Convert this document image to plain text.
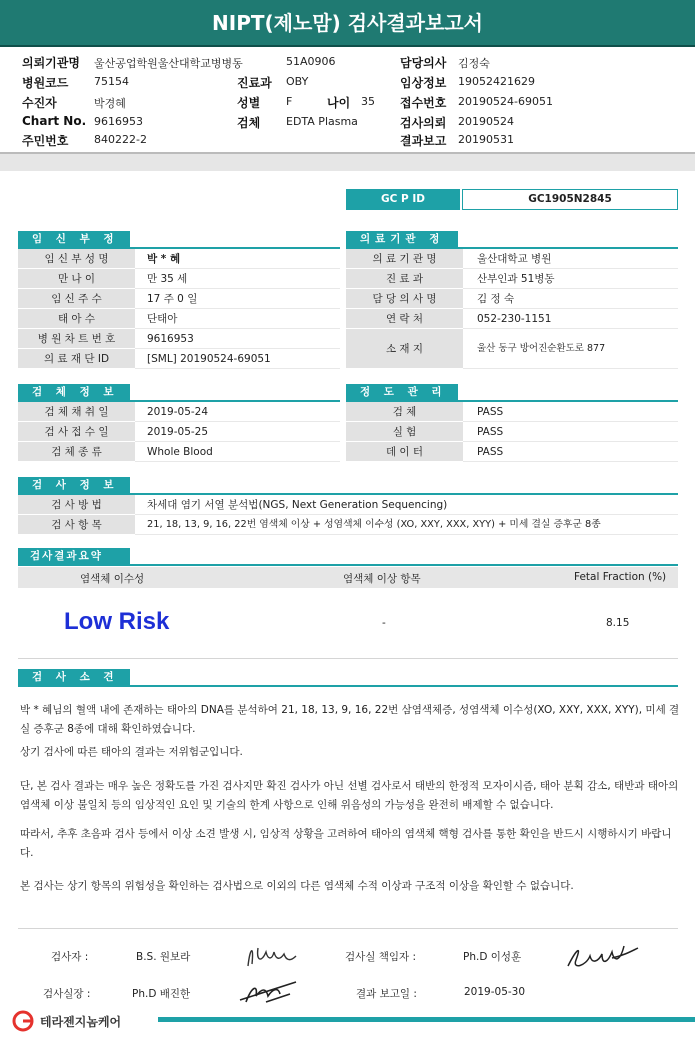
NIPT(제노맘) 검사결과보고서
의뢰기관명 울산공업학원울산대학교병병동	51A0906	담당의사 김정숙
병원코드 75154	진료과 OBY	임상정보 19052421629
수진자	박경혜	성별 F	나이 35 접수번호 20190524-69051
Chart No. 9616953	검체 EDTA Plasma	검사의뢰 20190524
주민번호 840222-2	결과보고 20190531
GC P ID	GC1905N2845
임 신 부 정
임 신 부 성 명	박 * 혜
만 나 이	만 35 세
임 신 주 수	17 주 0 일
태 아 수	단태아
병 원 차 트 번 호	9616953
의 료 재 단 ID	[SML] 20190524-69051
의료기관 정
의 료 기 관 명	울산대학교 병원
진 료 과	산부인과 51병동
담 당 의 사 명	김 정 숙
연 락 처	052-230-1151
소 재 지	울산 동구 방어진순환도로 877
검 체 정 보
검 체 채 취 일	2019-05-24
검 사 접 수 일	2019-05-25
검 체 종 류	Whole Blood
정 도 관 리
검 체	PASS
실 험	PASS
데 이 터	PASS
검 사 정 보
검 사 방 법	차세대 염기 서열 분석법(NGS, Next Generation Sequencing)
검 사 항 목	21, 18, 13, 9, 16, 22번 염색체 이상 + 성염색체 이수성 (XO, XXY, XXX, XYY) + 미세 결실 증후군 8종
검사결과요약
염색체 이수성	염색체 이상 항목	Fetal Fraction (%)
Low Risk	-	8.15
검 사 소 견
박 * 혜님의 혈액 내에 존재하는 태아의 DNA를 분석하여 21, 18, 13, 9, 16, 22번 삼염색체증, 성염색체 이수성(XO, XXY, XXX, XYY), 미세 결실 증후군 8종에 대해 확인하였습니다.
상기 검사에 따른 태아의 결과는 저위험군입니다.
단, 본 검사 결과는 매우 높은 정확도를 가진 검사지만 확진 검사가 아닌 선별 검사로서 태반의 한정적 모자이시즘, 태아 분획 감소, 태반과 태아의 염색체 이상 불일치 등의 임상적인 요인 및 기술의 한계 사항으로 인해 위음성의 가능성을 완전히 배제할 수 없습니다.
따라서, 추후 초음파 검사 등에서 이상 소견 발생 시, 임상적 상황을 고려하여 태아의 염색체 핵형 검사를 통한 확인을 반드시 시행하시기 바랍니다.
본 검사는 상기 항목의 위험성을 확인하는 검사법으로 이외의 다른 염색체 수적 이상과 구조적 이상을 확인할 수 없습니다.
검사자 :	B.S. 원보라	검사실 책임자 :	Ph.D 이성훈
검사실장 :	Ph.D 배진한	결과 보고일 :	2019-05-30
테라젠지놈케어
